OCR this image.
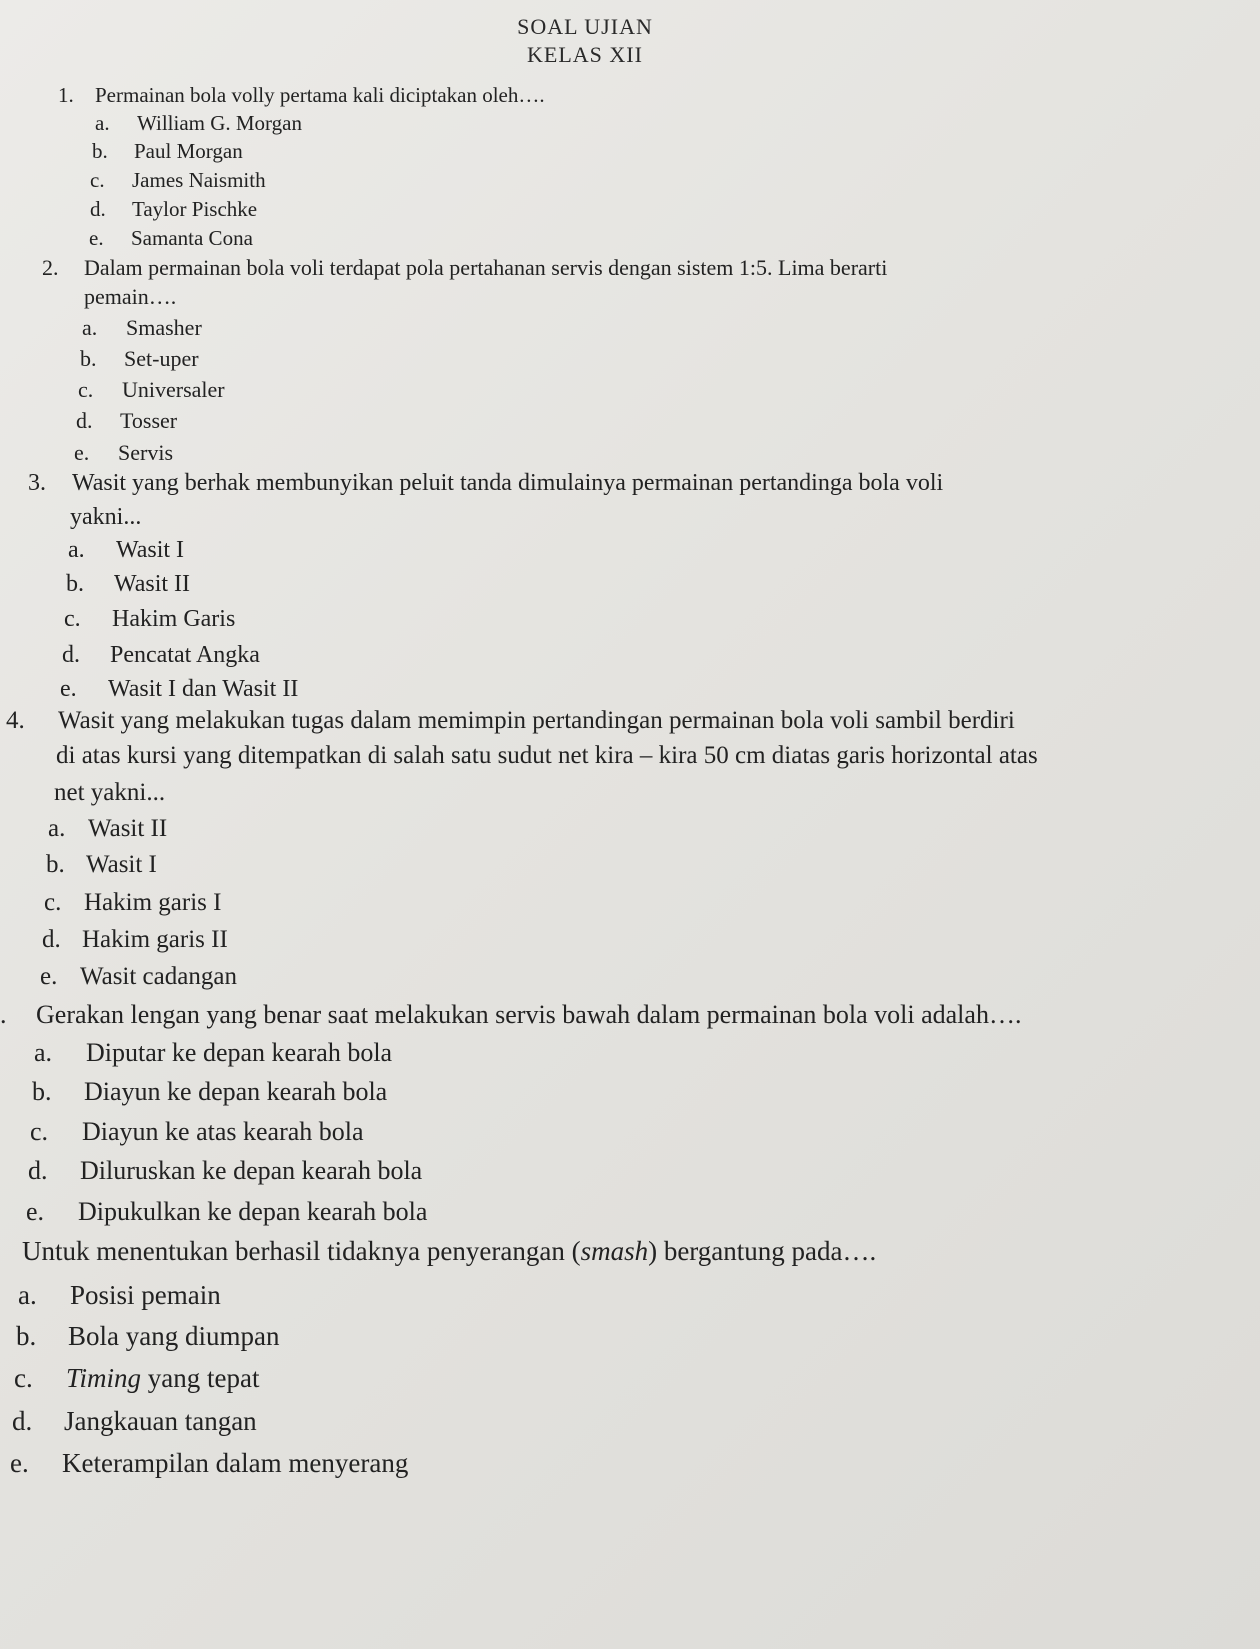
SOAL UJIAN
KELAS XII
1. Permainan bola volly pertama kali diciptakan oleh….
a. William G. Morgan
b. Paul Morgan
c. James Naismith
d. Taylor Pischke
e. Samanta Cona
2. Dalam permainan bola voli terdapat pola pertahanan servis dengan sistem 1:5. Lima berarti
pemain….
a. Smasher
b. Set-uper
c. Universaler
d. Tosser
e. Servis
3. Wasit yang berhak membunyikan peluit tanda dimulainya permainan pertandinga bola voli
yakni...
a. Wasit I
b. Wasit II
c. Hakim Garis
d. Pencatat Angka
e. Wasit I dan Wasit II
4. Wasit yang melakukan tugas dalam memimpin pertandingan permainan bola voli sambil berdiri
di atas kursi yang ditempatkan di salah satu sudut net kira – kira 50 cm diatas garis horizontal atas
net yakni...
a. Wasit II
b. Wasit I
c. Hakim garis I
d. Hakim garis II
e. Wasit cadangan
. Gerakan lengan yang benar saat melakukan servis bawah dalam permainan bola voli adalah….
a. Diputar ke depan kearah bola
b. Diayun ke depan kearah bola
c. Diayun ke atas kearah bola
d. Diluruskan ke depan kearah bola
e. Dipukulkan ke depan kearah bola
Untuk menentukan berhasil tidaknya penyerangan (smash) bergantung pada….
a. Posisi pemain
b. Bola yang diumpan
c. Timing yang tepat
d. Jangkauan tangan
e. Keterampilan dalam menyerang
